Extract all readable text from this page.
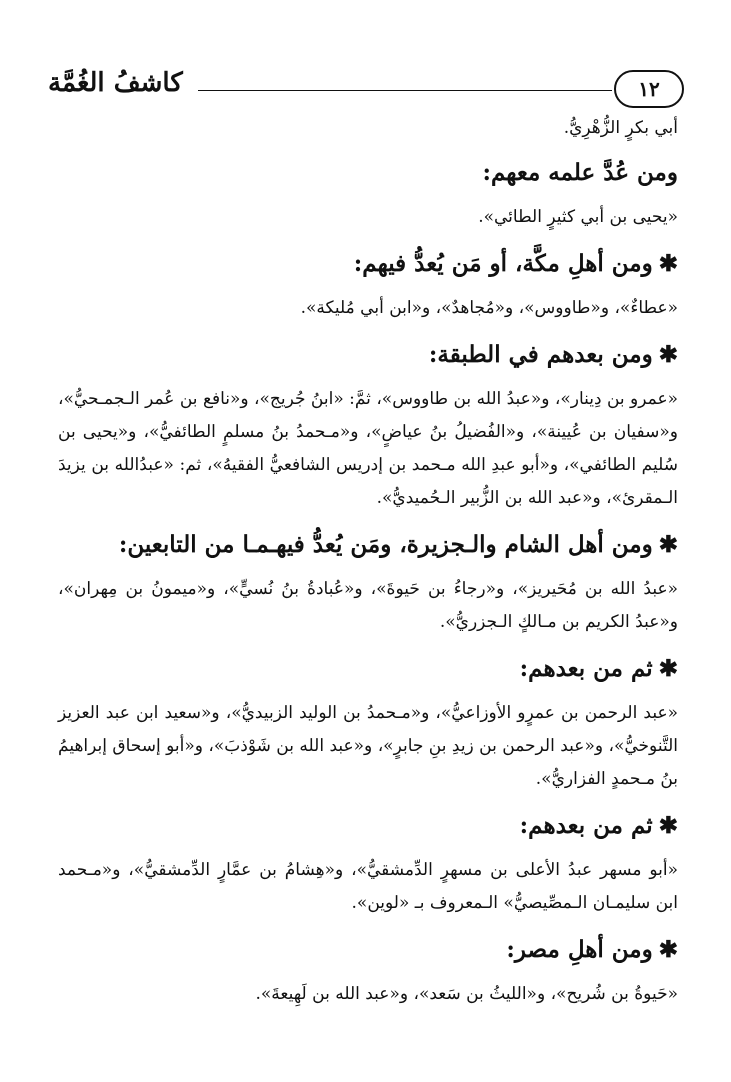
١٢
كاشفُ الغُمَّة

أبي بكرٍ الزُّهْرِيُّ.

ومن عُدَّ علمه معهم:

«يحيى بن أبي كثيرٍ الطائي».

✱ومن أهلِ مكَّة، أو مَن يُعدُّ فيهم:

«عطاءٌ»، و«طاووس»، و«مُجاهدٌ»، و«ابن أبي مُليكة».

✱ومن بعدهم في الطبقة:

«عمرو بن دِينار»، و«عبدُ الله بن طاووس»، ثمَّ: «ابنُ جُريج»، و«نافع بن عُمر الـجمـحيُّ»، و«سفيان بن عُيينة»، و«الفُضيلُ بنُ عياضٍ»، و«مـحمدُ بنُ مسلمٍ الطائفيُّ»، و«يحيى بن سُليم الطائفي»، و«أبو عبدِ الله مـحمد بن إدريس الشافعيُّ الفقيهُ»، ثم: «عبدُالله بن يزيدَ الـمقرئ»، و«عبد الله بن الزُّبير الـحُميديُّ».

✱ومن أهل الشام والـجزيرة، ومَن يُعدُّ فيهـمـا من التابعين:

«عبدُ الله بن مُحَيريز»، و«رجاءُ بن حَيوةَ»، و«عُبادةُ بنُ نُسيٍّ»، و«ميمونُ بن مِهران»، و«عبدُ الكريم بن مـالكٍ الـجزريُّ».

✱ثم من بعدهم:

«عبد الرحمن بن عمرٍو الأوزاعيُّ»، و«مـحمدُ بن الوليد الزبيديُّ»، و«سعيد ابن عبد العزيز التَّنوخيُّ»، و«عبد الرحمن بن زيدِ بنِ جابرٍ»، و«عبد الله بن شَوْذبَ»، و«أبو إسحاق إبراهيمُ بنُ مـحمدٍ الفزاريُّ».

✱ثم من بعدهم:

«أبو مسهر عبدُ الأعلى بن مسهرٍ الدِّمشقيُّ»، و«هِشامُ بن عمَّارٍ الدِّمشقيُّ»، و«مـحمد ابن سليمـان الـمصِّيصيُّ» الـمعروف بـ «لوين».

✱ومن أهلِ مصر:

«حَيوةُ بن شُريح»، و«الليثُ بن سَعد»، و«عبد الله بن لَهِيعةَ».
